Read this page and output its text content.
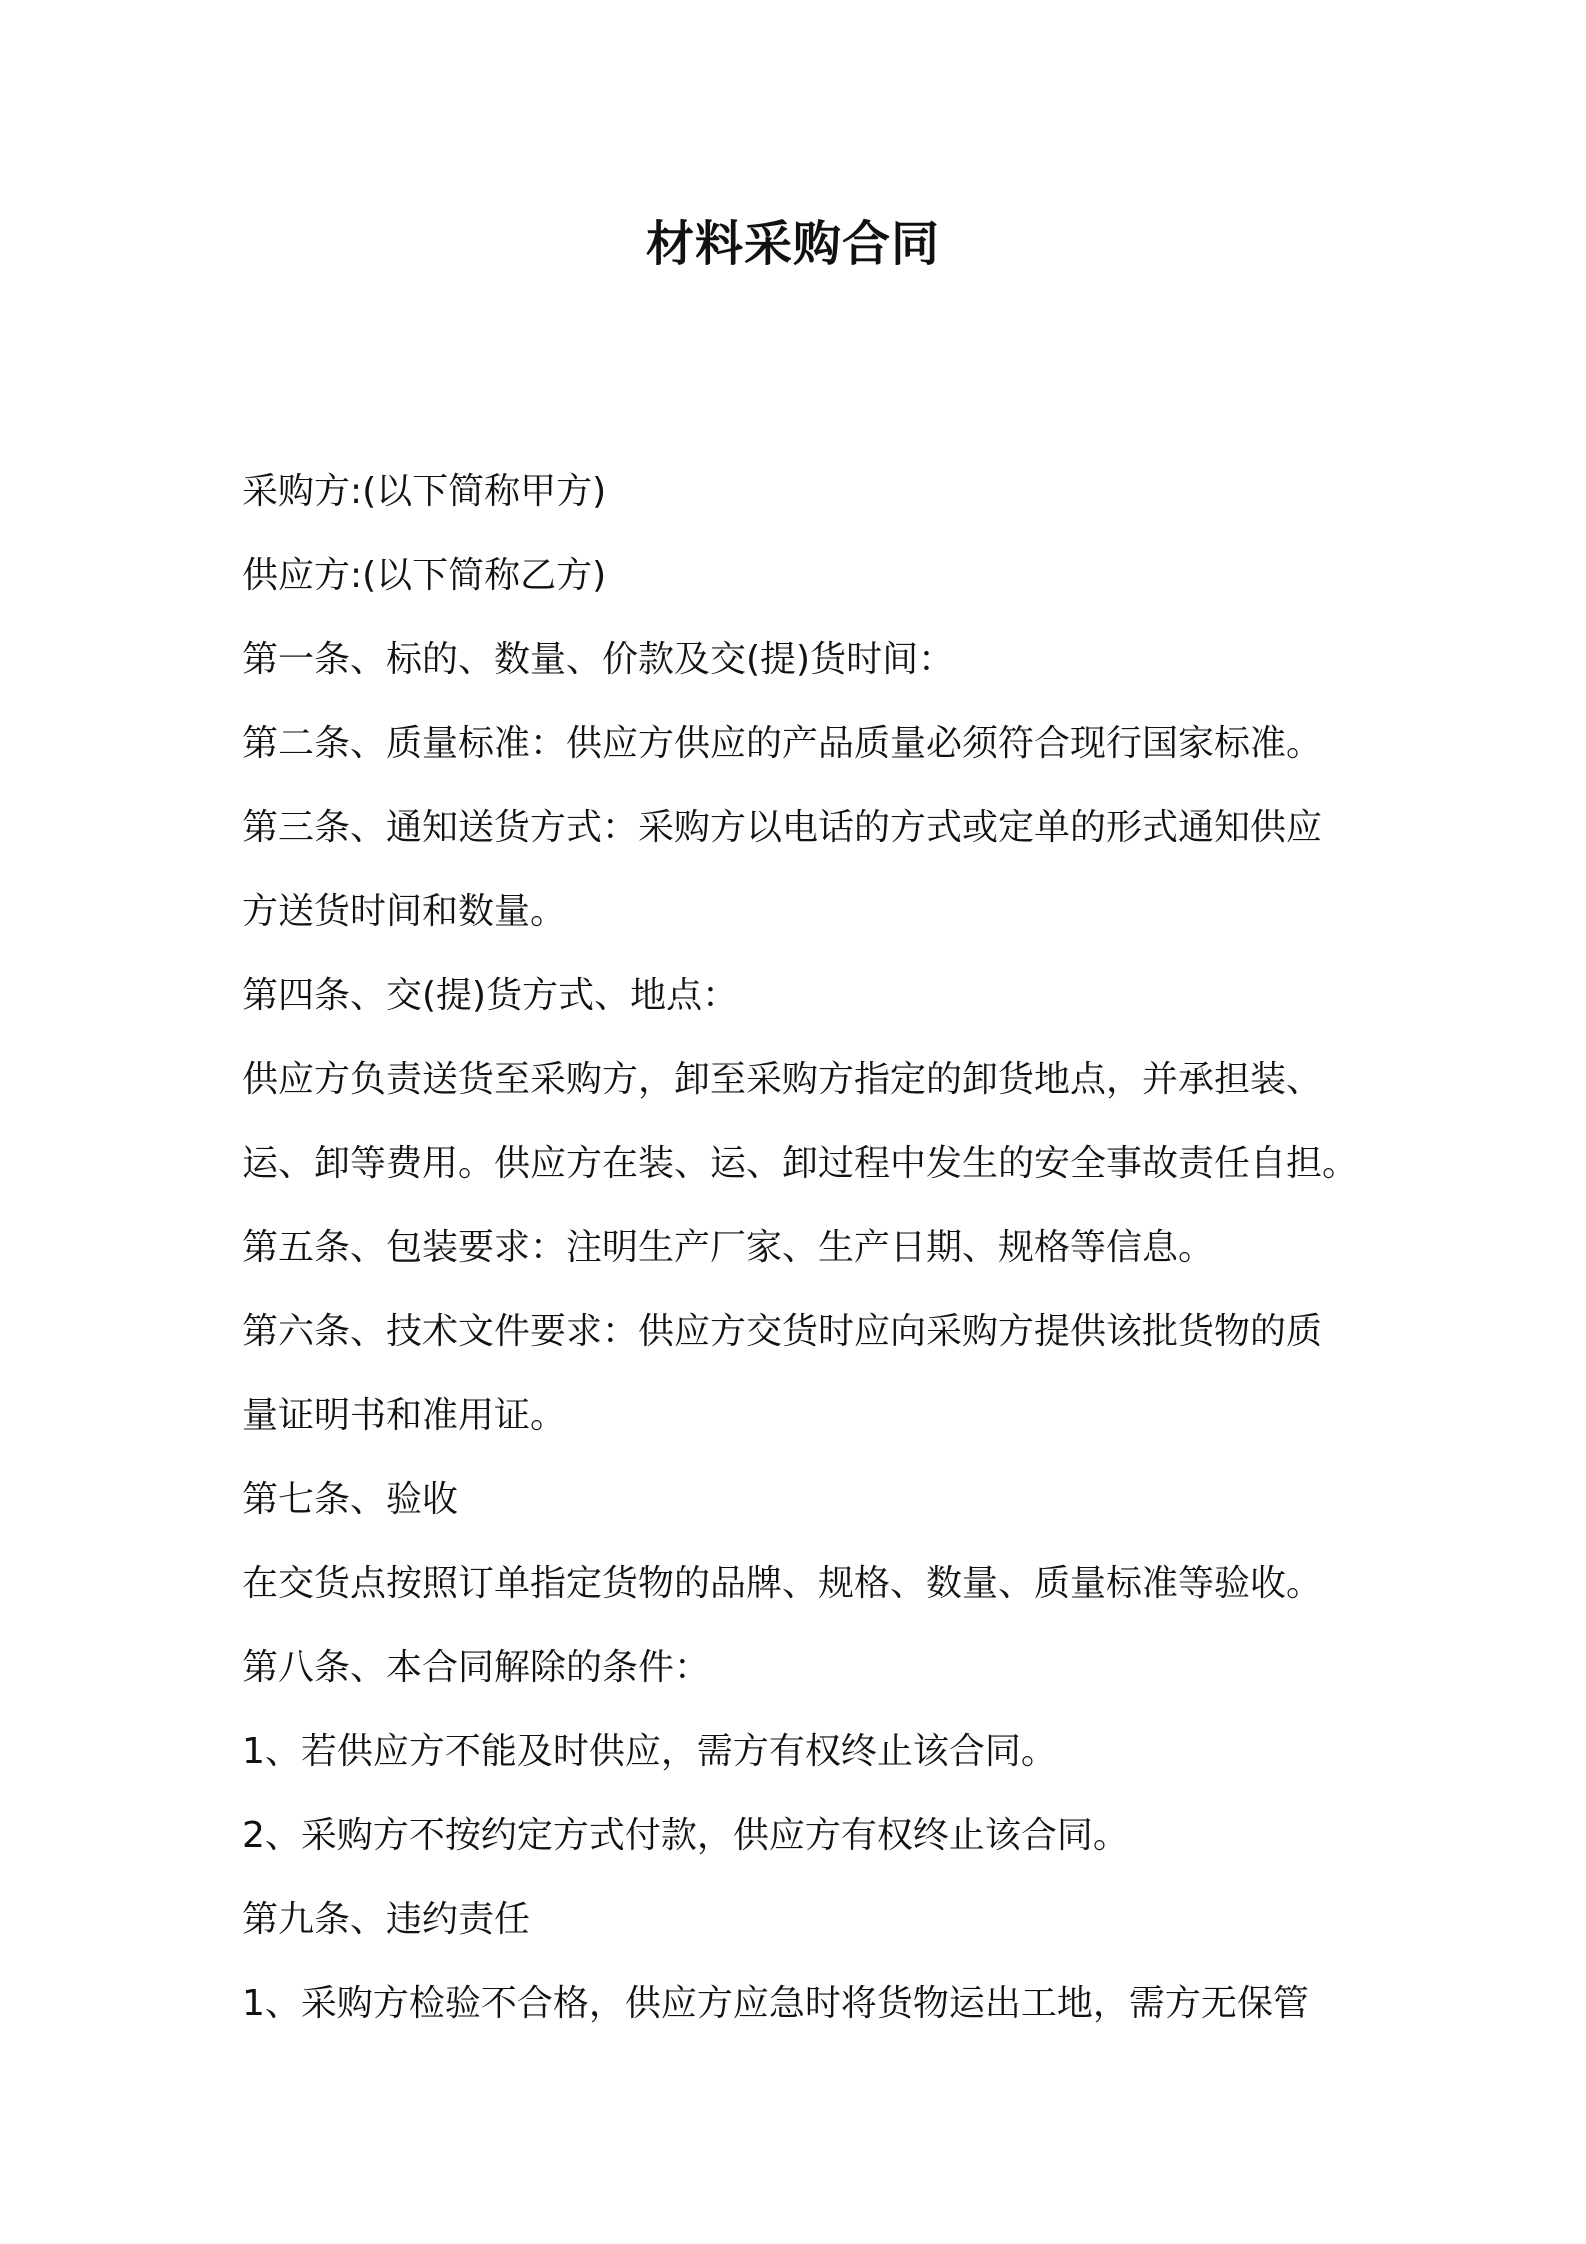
材料采购合同
采购方:(以下简称甲方)
供应方:(以下简称乙方)
第一条、标的、数量、价款及交(提)货时间：
第二条、质量标准：供应方供应的产品质量必须符合现行国家标准。
第三条、通知送货方式：采购方以电话的方式或定单的形式通知供应
方送货时间和数量。
第四条、交(提)货方式、地点：
供应方负责送货至采购方，卸至采购方指定的卸货地点，并承担装、
运、卸等费用。供应方在装、运、卸过程中发生的安全事故责任自担。
第五条、包装要求：注明生产厂家、生产日期、规格等信息。
第六条、技术文件要求：供应方交货时应向采购方提供该批货物的质
量证明书和准用证。
第七条、验收
在交货点按照订单指定货物的品牌、规格、数量、质量标准等验收。
第八条、本合同解除的条件：
1、若供应方不能及时供应，需方有权终止该合同。
2、采购方不按约定方式付款，供应方有权终止该合同。
第九条、违约责任
1、采购方检验不合格，供应方应急时将货物运出工地，需方无保管
